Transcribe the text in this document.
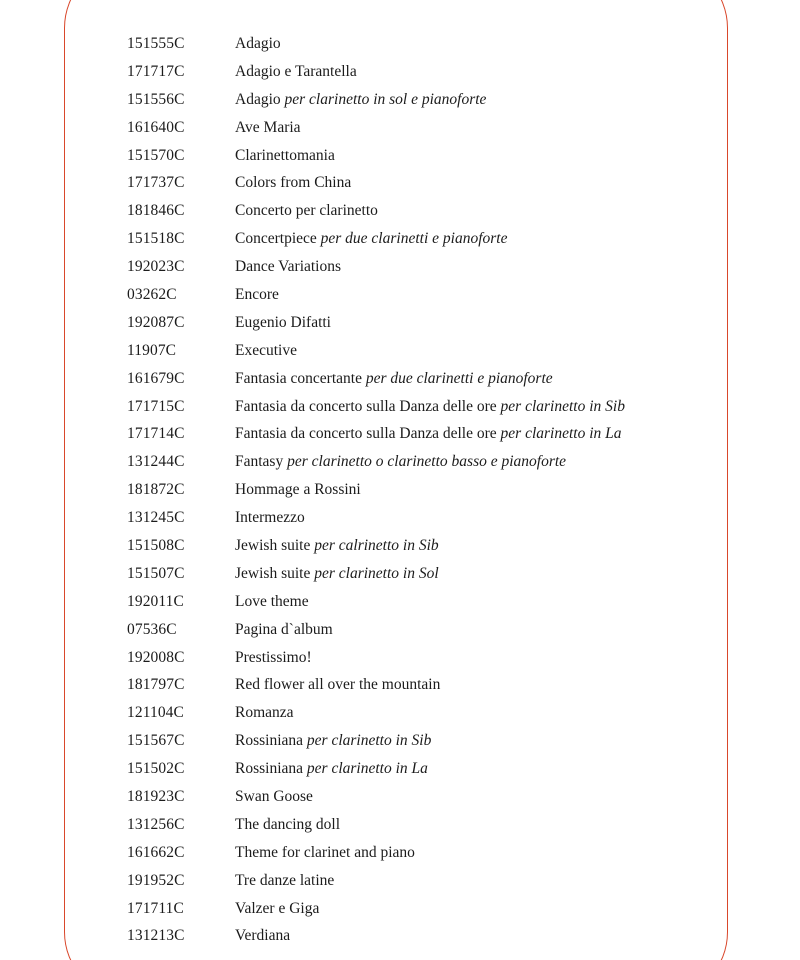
151555C	Adagio
171717C	Adagio e Tarantella
151556C	Adagio per clarinetto in sol e pianoforte
161640C	Ave Maria
151570C	Clarinettomania
171737C	Colors from China
181846C	Concerto per clarinetto
151518C	Concertpiece per due clarinetti e pianoforte
192023C	Dance Variations
03262C	Encore
192087C	Eugenio Difatti
11907C	Executive
161679C	Fantasia concertante per due clarinetti e pianoforte
171715C	Fantasia da concerto sulla Danza delle ore per clarinetto in Sib
171714C	Fantasia da concerto sulla Danza delle ore per clarinetto in La
131244C	Fantasy per clarinetto o clarinetto basso e pianoforte
181872C	Hommage a Rossini
131245C	Intermezzo
151508C	Jewish suite per calrinetto in Sib
151507C	Jewish suite per clarinetto in Sol
192011C	Love theme
07536C	Pagina d`album
192008C	Prestissimo!
181797C	Red flower all over the mountain
121104C	Romanza
151567C	Rossiniana per clarinetto in Sib
151502C	Rossiniana per clarinetto in La
181923C	Swan Goose
131256C	The dancing doll
161662C	Theme for clarinet and piano
191952C	Tre danze latine
171711C	Valzer e Giga
131213C	Verdiana
